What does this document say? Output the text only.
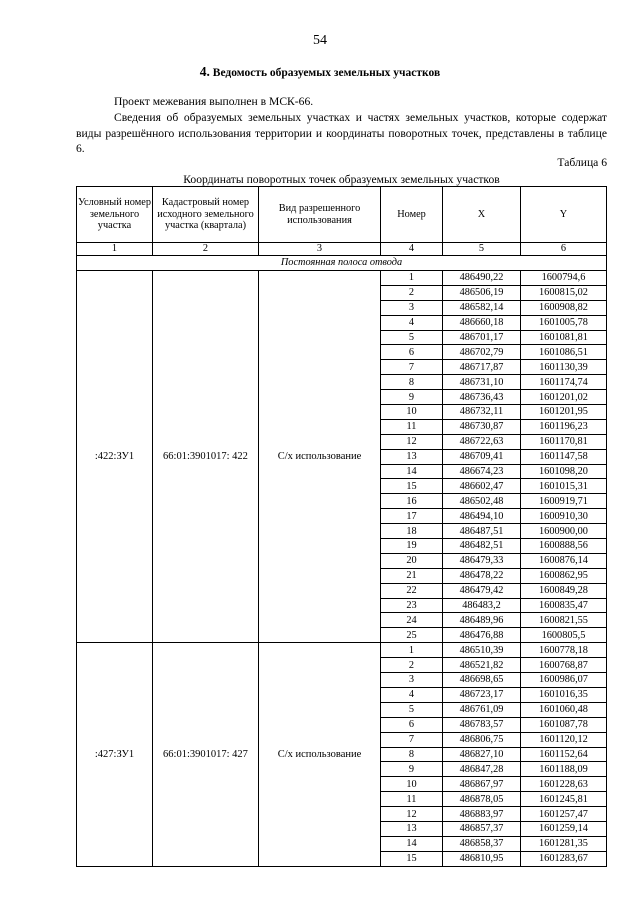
54
4. Ведомость образуемых земельных участков
Проект межевания выполнен в МСК-66.
Сведения об образуемых земельных участках и частях земельных участков, которые содержат виды разрешённого использования территории и координаты поворотных точек, представлены в таблице 6.
Таблица 6
Координаты поворотных точек образуемых земельных участков
Условный номер земельного участка	Кадастровый номер исходного земельного участка (квартала)	Вид разрешенного использования	Номер	X	Y
1	2	3	4	5	6
Постоянная полоса отвода					
:422:ЗУ1	66:01:3901017: 422	С/х использование	1	486490,22	1600794,6
			2	486506,19	1600815,02
			3	486582,14	1600908,82
			4	486660,18	1601005,78
			5	486701,17	1601081,81
			6	486702,79	1601086,51
			7	486717,87	1601130,39
			8	486731,10	1601174,74
			9	486736,43	1601201,02
			10	486732,11	1601201,95
			11	486730,87	1601196,23
			12	486722,63	1601170,81
			13	486709,41	1601147,58
			14	486674,23	1601098,20
			15	486602,47	1601015,31
			16	486502,48	1600919,71
			17	486494,10	1600910,30
			18	486487,51	1600900,00
			19	486482,51	1600888,56
			20	486479,33	1600876,14
			21	486478,22	1600862,95
			22	486479,42	1600849,28
			23	486483,2	1600835,47
			24	486489,96	1600821,55
			25	486476,88	1600805,5
:427:ЗУ1	66:01:3901017: 427	С/х использование	1	486510,39	1600778,18
			2	486521,82	1600768,87
			3	486698,65	1600986,07
			4	486723,17	1601016,35
			5	486761,09	1601060,48
			6	486783,57	1601087,78
			7	486806,75	1601120,12
			8	486827,10	1601152,64
			9	486847,28	1601188,09
			10	486867,97	1601228,63
			11	486878,05	1601245,81
			12	486883,97	1601257,47
			13	486857,37	1601259,14
			14	486858,37	1601281,35
			15	486810,95	1601283,67
